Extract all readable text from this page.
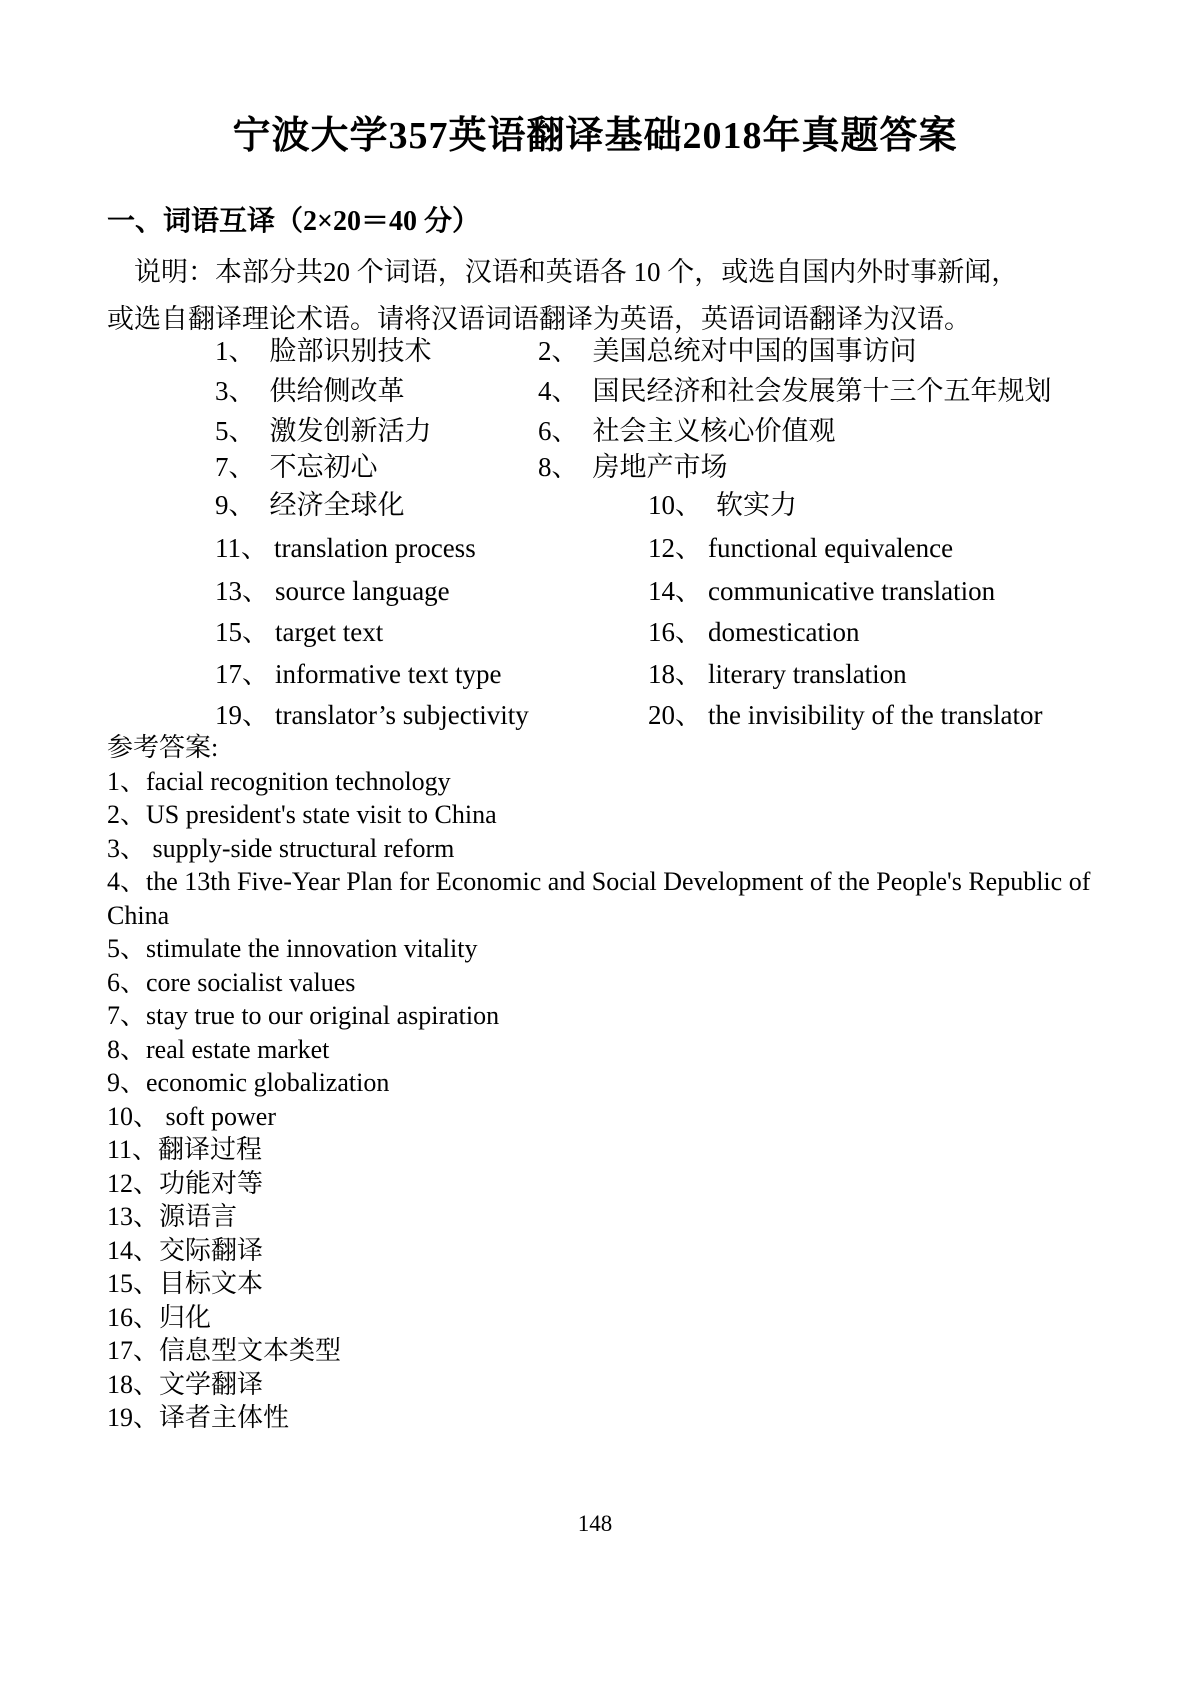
宁波大学357英语翻译基础2018年真题答案
一、词语互译（2×20＝40 分）
说明：本部分共20 个词语，汉语和英语各 10 个，或选自国内外时事新闻，
或选自翻译理论术语。请将汉语词语翻译为英语，英语词语翻译为汉语。
1、 脸部识别技术	2、 美国总统对中国的国事访问
3、 供给侧改革	4、 国民经济和社会发展第十三个五年规划
5、 激发创新活力	6、 社会主义核心价值观
7、 不忘初心	8、 房地产市场
9、 经济全球化	10、 软实力
11、 translation process	12、 functional equivalence
13、 source language	14、 communicative translation
15、 target text	16、 domestication
17、 informative text type	18、 literary translation
19、 translator’s subjectivity	20、 the invisibility of the translator
参考答案:
1、facial recognition technology
2、US president's state visit to China
3、 supply-side structural reform
4、the 13th Five-Year Plan for Economic and Social Development of the People's Republic of China
5、stimulate the innovation vitality
6、core socialist values
7、stay true to our original aspiration
8、real estate market
9、economic globalization
10、 soft power
11、翻译过程
12、功能对等
13、源语言
14、交际翻译
15、目标文本
16、归化
17、信息型文本类型
18、文学翻译
19、译者主体性
148
